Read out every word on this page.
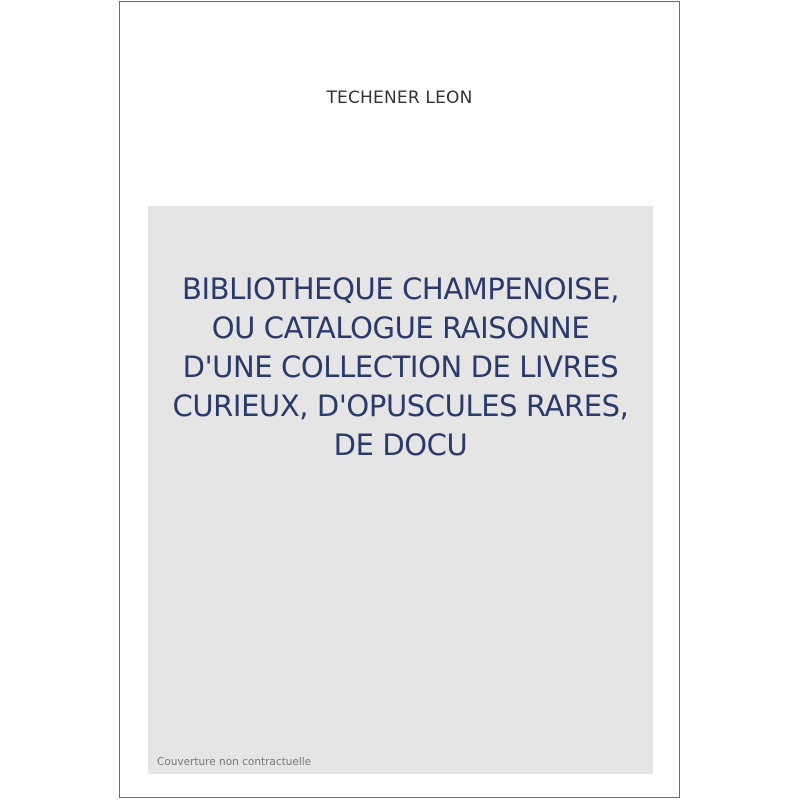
TECHENER LEON
BIBLIOTHEQUE CHAMPENOISE, OU CATALOGUE RAISONNE D'UNE COLLECTION DE LIVRES CURIEUX, D'OPUSCULES RARES, DE DOCU
Couverture non contractuelle
